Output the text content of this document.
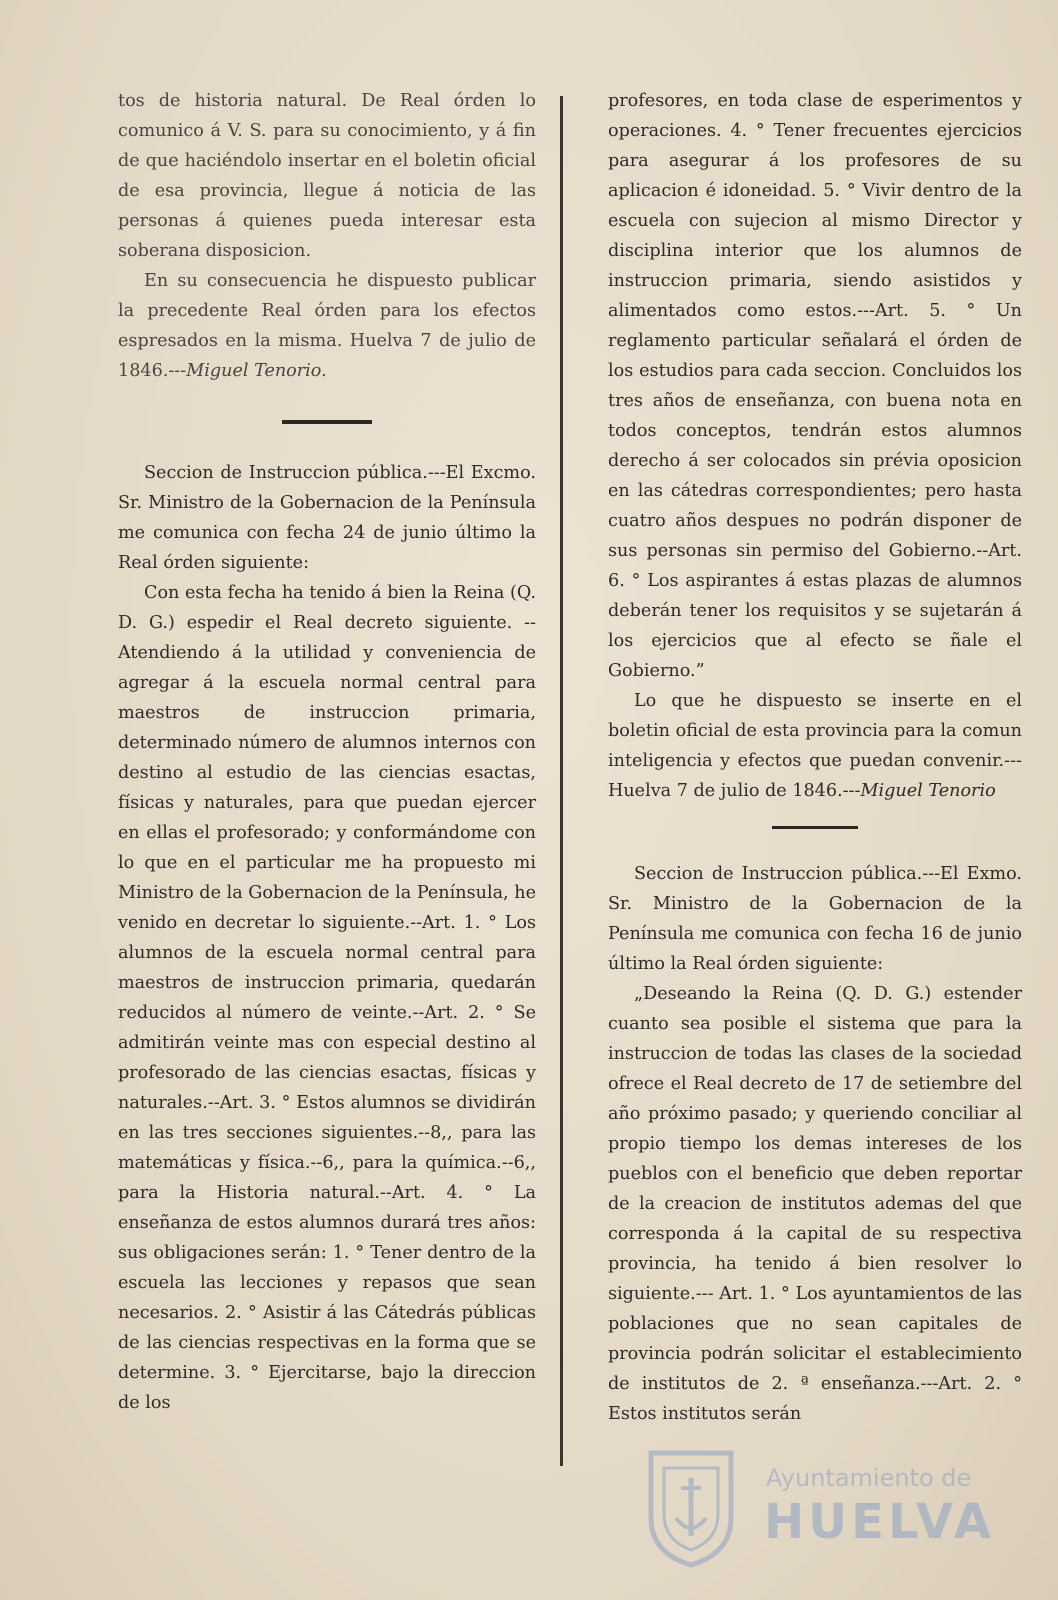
tos de historia natural. De Real órden lo comunico á V. S. para su conocimiento, y á fin de que haciéndolo insertar en el boletin oficial de esa provincia, llegue á noticia de las personas á quienes pueda interesar esta soberana disposicion.

En su consecuencia he dispuesto publicar la precedente Real órden para los efectos espresados en la misma. Huelva 7 de julio de 1846.---Miguel Tenorio.

Seccion de Instruccion pública.---El Excmo. Sr. Ministro de la Gobernacion de la Península me comunica con fecha 24 de junio último la Real órden siguiente:

Con esta fecha ha tenido á bien la Reina (Q. D. G.) espedir el Real decreto siguiente. --Atendiendo á la utilidad y conveniencia de agregar á la escuela normal central para maestros de instruccion primaria, determinado número de alumnos internos con destino al estudio de las ciencias esactas, físicas y naturales, para que puedan ejercer en ellas el profesorado; y conformándome con lo que en el particular me ha propuesto mi Ministro de la Gobernacion de la Península, he venido en decretar lo siguiente.--Art. 1. ° Los alumnos de la escuela normal central para maestros de instruccion primaria, quedarán reducidos al número de veinte.--Art. 2. ° Se admitirán veinte mas con especial destino al profesorado de las ciencias esactas, físicas y naturales.--Art. 3. ° Estos alumnos se dividirán en las tres secciones siguientes.--8,, para las matemáticas y física.--6,, para la química.--6,, para la Historia natural.--Art. 4. ° La enseñanza de estos alumnos durará tres años: sus obligaciones serán: 1. ° Tener dentro de la escuela las lecciones y repasos que sean necesarios. 2. ° Asistir á las Cátedrás públicas de las ciencias respectivas en la forma que se determine. 3. ° Ejercitarse, bajo la direccion de los

profesores, en toda clase de esperimentos y operaciones. 4. ° Tener frecuentes ejercicios para asegurar á los profesores de su aplicacion é idoneidad. 5. ° Vivir dentro de la escuela con sujecion al mismo Director y disciplina interior que los alumnos de instruccion primaria, siendo asistidos y alimentados como estos.---Art. 5. ° Un reglamento particular señalará el órden de los estudios para cada seccion. Concluidos los tres años de enseñanza, con buena nota en todos conceptos, tendrán estos alumnos derecho á ser colocados sin prévia oposicion en las cátedras correspondientes; pero hasta cuatro años despues no podrán disponer de sus personas sin permiso del Gobierno.--Art. 6. ° Los aspirantes á estas plazas de alumnos deberán tener los requisitos y se sujetarán á los ejercicios que al efecto se ñale el Gobierno.”

Lo que he dispuesto se inserte en el boletin oficial de esta provincia para la comun inteligencia y efectos que puedan convenir.---Huelva 7 de julio de 1846.---Miguel Tenorio

Seccion de Instruccion pública.---El Exmo. Sr. Ministro de la Gobernacion de la Península me comunica con fecha 16 de junio último la Real órden siguiente:

„Deseando la Reina (Q. D. G.) estender cuanto sea posible el sistema que para la instruccion de todas las clases de la sociedad ofrece el Real decreto de 17 de setiembre del año próximo pasado; y queriendo conciliar al propio tiempo los demas intereses de los pueblos con el beneficio que deben reportar de la creacion de institutos ademas del que corresponda á la capital de su respectiva provincia, ha tenido á bien resolver lo siguiente.--- Art. 1. ° Los ayuntamientos de las poblaciones que no sean capitales de provincia podrán solicitar el establecimiento de institutos de 2. ª enseñanza.---Art. 2. ° Estos institutos serán

Ayuntamiento de
HUELVA
